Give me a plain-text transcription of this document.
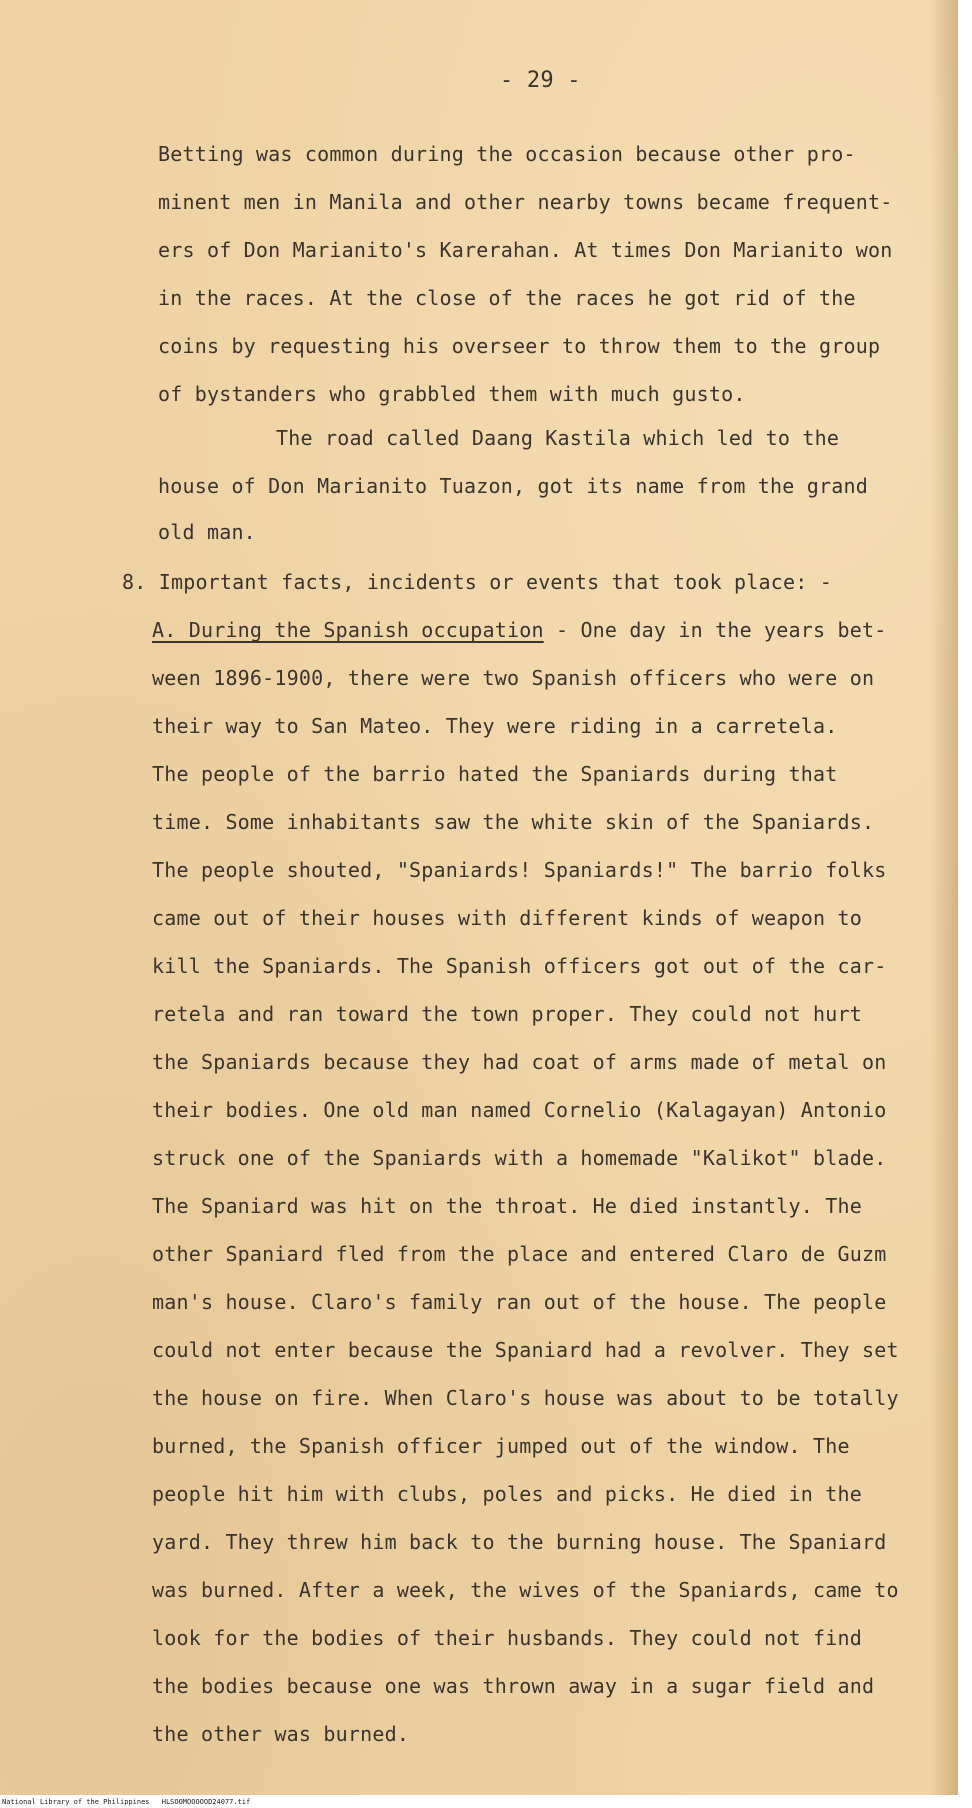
- 29 -
Betting was common during the occasion because other pro-
minent men in Manila and other nearby towns became frequent-
ers of Don Marianito's Karerahan. At times Don Marianito won
in the races. At the close of the races he got rid of the
coins by requesting his overseer to throw them to the group
of bystanders who grabbled them with much gusto.
The road called Daang Kastila which led to the
house of Don Marianito Tuazon, got its name from the grand
old man.
8. Important facts, incidents or events that took place: -
A. During the Spanish occupation - One day in the years bet-
ween 1896-1900, there were two Spanish officers who were on
their way to San Mateo. They were riding in a carretela.
The people of the barrio hated the Spaniards during that
time. Some inhabitants saw the white skin of the Spaniards.
The people shouted, "Spaniards! Spaniards!" The barrio folks
came out of their houses with different kinds of weapon to
kill the Spaniards. The Spanish officers got out of the car-
retela and ran toward the town proper. They could not hurt
the Spaniards because they had coat of arms made of metal on
their bodies. One old man named Cornelio (Kalagayan) Antonio
struck one of the Spaniards with a homemade "Kalikot" blade.
The Spaniard was hit on the throat. He died instantly. The
other Spaniard fled from the place and entered Claro de Guzm
man's house. Claro's family ran out of the house. The people
could not enter because the Spaniard had a revolver. They set
the house on fire. When Claro's house was about to be totally
burned, the Spanish officer jumped out of the window. The
people hit him with clubs, poles and picks. He died in the
yard. They threw him back to the burning house. The Spaniard
was burned. After a week, the wives of the Spaniards, came to
look for the bodies of their husbands. They could not find
the bodies because one was thrown away in a sugar field and
the other was burned.
National Library of the Philippines HLSOOMOOOOOD24077.tif
